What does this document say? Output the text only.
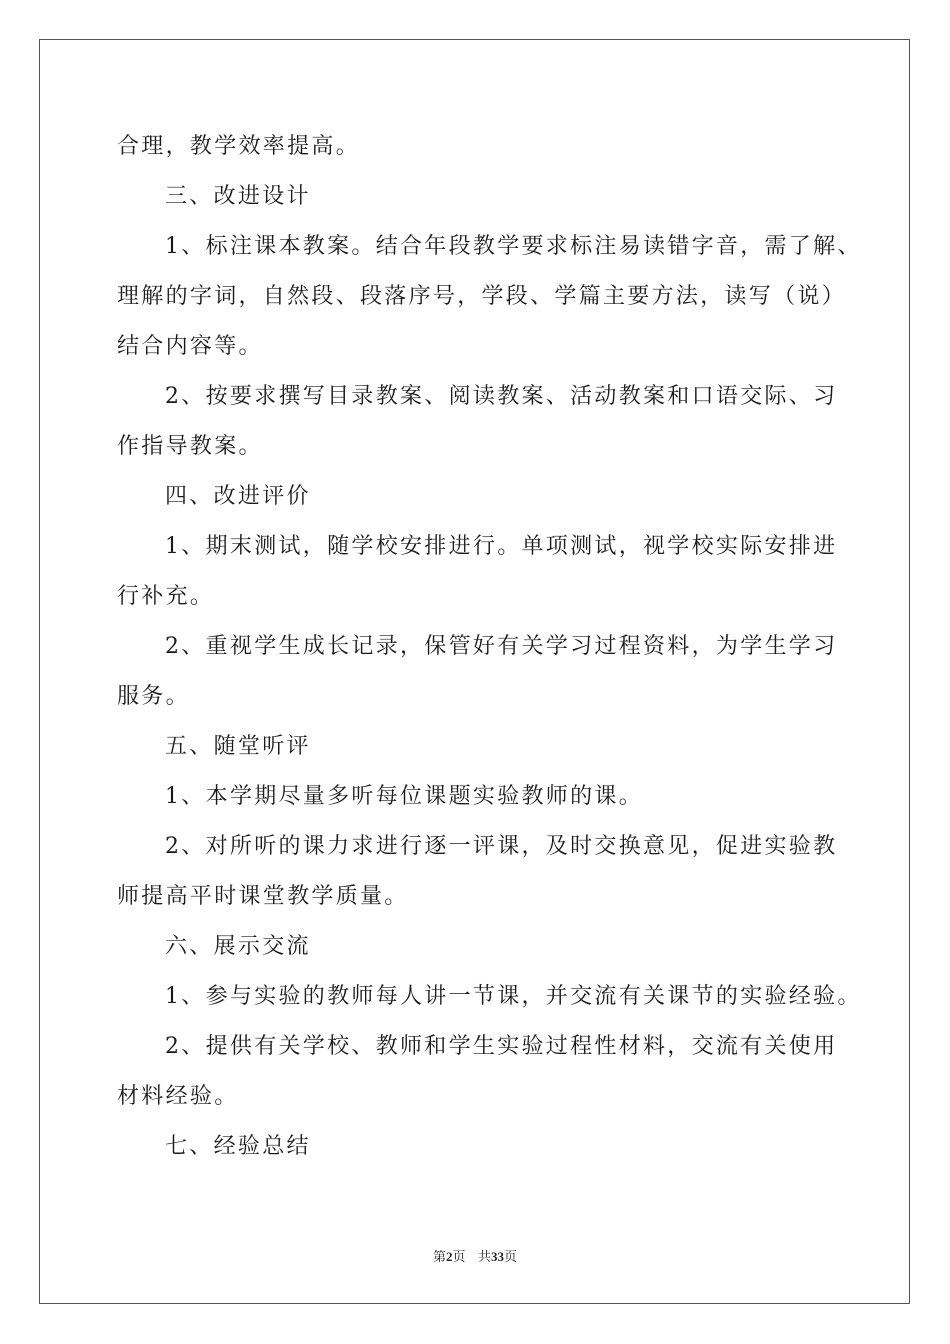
合理，教学效率提高。
三、改进设计
1、标注课本教案。结合年段教学要求标注易读错字音，需了解、
理解的字词，自然段、段落序号，学段、学篇主要方法，读写（说）
结合内容等。
2、按要求撰写目录教案、阅读教案、活动教案和口语交际、习
作指导教案。
四、改进评价
1、期末测试，随学校安排进行。单项测试，视学校实际安排进
行补充。
2、重视学生成长记录，保管好有关学习过程资料，为学生学习
服务。
五、随堂听评
1、本学期尽量多听每位课题实验教师的课。
2、对所听的课力求进行逐一评课，及时交换意见，促进实验教
师提高平时课堂教学质量。
六、展示交流
1、参与实验的教师每人讲一节课，并交流有关课节的实验经验。
2、提供有关学校、教师和学生实验过程性材料，交流有关使用
材料经验。
七、经验总结
第2页 共33页
